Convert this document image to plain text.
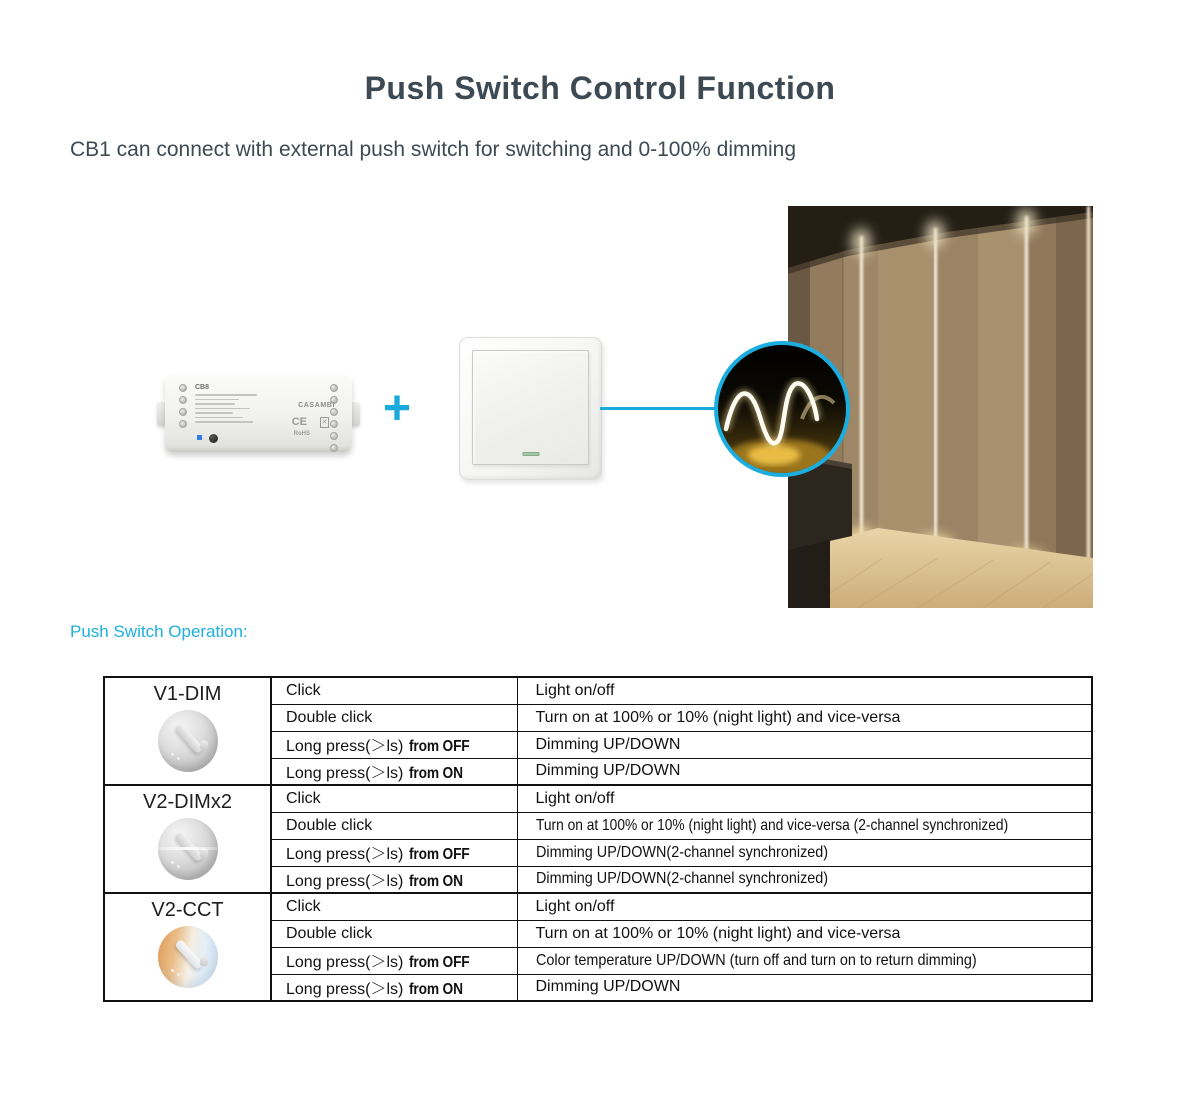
Push Switch Control Function
CB1 can connect with external push switch for switching and 0-100% dimming
CB8
CASAMBI
CE ✕
RoHS +
Push Switch Operation:
V1-DIM	Click	Light on/off
	Double click	Turn on at 100% or 10% (night light) and vice-versa
	Long press(＞ls) from OFF	Dimming UP/DOWN
	Long press(＞ls) from ON	Dimming UP/DOWN

V2-DIMx2	Click	Light on/off
	Double click	Turn on at 100% or 10% (night light) and vice-versa (2-channel synchronized)
	Long press(＞ls) from OFF	Dimming UP/DOWN(2-channel synchronized)
	Long press(＞ls) from ON	Dimming UP/DOWN(2-channel synchronized)

V2-CCT	Click	Light on/off
	Double click	Turn on at 100% or 10% (night light) and vice-versa
	Long press(＞ls) from OFF	Color temperature UP/DOWN (turn off and turn on to return dimming)
	Long press(＞ls) from ON	Dimming UP/DOWN
